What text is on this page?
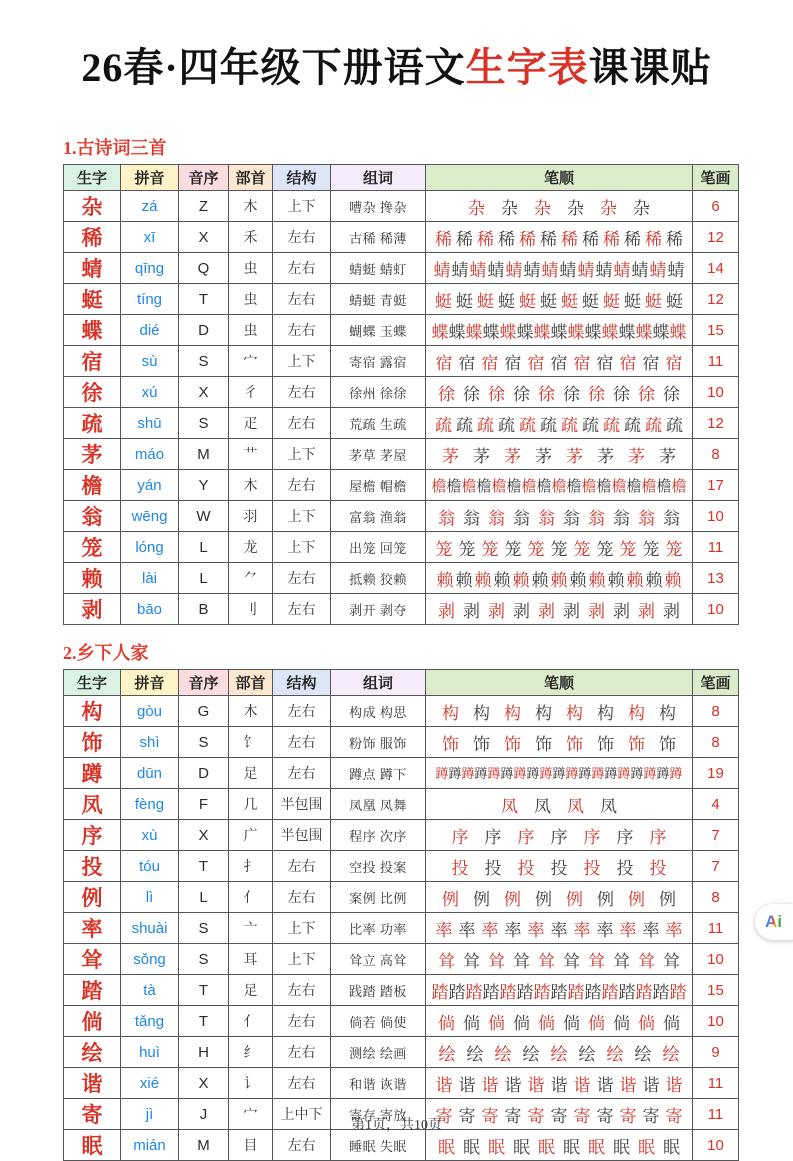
26春·四年级下册语文生字表课课贴
1.古诗词三首
生字	拼音	音序	部首	结构	组词	笔顺	笔画
杂	zá	Z	木	上下	嘈杂 搀杂	杂 杂 杂 杂 杂 杂	6
稀	xī	X	禾	左右	古稀 稀薄	稀 稀 稀 稀 稀 稀 稀 稀 稀 稀 稀 稀	12
蜻	qīng	Q	虫	左右	蜻蜓 蜻虰	蜻蜻蜻蜻蜻蜻蜻蜻蜻蜻蜻蜻蜻蜻	14
蜓	tíng	T	虫	左右	蜻蜓 青蜓	蜓 蜓 蜓 蜓 蜓 蜓 蜓 蜓 蜓 蜓 蜓 蜓	12
蝶	dié	D	虫	左右	蝴蝶 玉蝶	蝶蝶蝶蝶蝶蝶蝶蝶蝶蝶蝶蝶蝶蝶蝶	15
宿	sù	S	宀	上下	寄宿 露宿	宿 宿 宿 宿 宿 宿 宿 宿 宿 宿 宿	11
徐	xú	X	彳	左右	徐州 徐徐	徐 徐 徐 徐 徐 徐 徐 徐 徐 徐	10
疏	shū	S	疋	左右	荒疏 生疏	疏 疏 疏 疏 疏 疏 疏 疏 疏 疏 疏 疏	12
茅	máo	M	艹	上下	茅草 茅屋	茅 茅 茅 茅 茅 茅 茅 茅	8
檐	yán	Y	木	左右	屋檐 帽檐	檐檐檐檐檐檐檐檐檐檐檐檐檐檐檐檐檐	17
翁	wēng	W	羽	上下	富翁 渔翁	翁 翁 翁 翁 翁 翁 翁 翁 翁 翁	10
笼	lóng	L	龙	上下	出笼 回笼	笼 笼 笼 笼 笼 笼 笼 笼 笼 笼 笼	11
赖	lài	L	⺈	左右	抵赖 狡赖	赖 赖 赖 赖 赖 赖 赖 赖 赖 赖 赖 赖 赖	13
剥	bāo	B	刂	左右	剥开 剥夺	剥 剥 剥 剥 剥 剥 剥 剥 剥 剥	10
2.乡下人家
生字	拼音	音序	部首	结构	组词	笔顺	笔画
构	gòu	G	木	左右	构成 构思	构 构 构 构 构 构 构 构	8
饰	shì	S	饣	左右	粉饰 服饰	饰 饰 饰 饰 饰 饰 饰 饰	8
蹲	dūn	D	足	左右	蹲点 蹲下	蹲蹲蹲蹲蹲蹲蹲蹲蹲蹲蹲蹲蹲蹲蹲蹲蹲蹲蹲	19
凤	fèng	F	几	半包围	凤凰 凤舞	凤 凤 凤 凤	4
序	xù	X	广	半包围	程序 次序	序 序 序 序 序 序 序	7
投	tóu	T	扌	左右	空投 投案	投 投 投 投 投 投 投	7
例	lì	L	亻	左右	案例 比例	例 例 例 例 例 例 例 例	8
率	shuài	S	亠	上下	比率 功率	率 率 率 率 率 率 率 率 率 率 率	11
耸	sǒng	S	耳	上下	耸立 高耸	耸 耸 耸 耸 耸 耸 耸 耸 耸 耸	10
踏	tà	T	足	左右	践踏 踏板	踏踏踏踏踏踏踏踏踏踏踏踏踏踏踏	15
倘	tǎng	T	亻	左右	倘若 倘使	倘 倘 倘 倘 倘 倘 倘 倘 倘 倘	10
绘	huì	H	纟	左右	测绘 绘画	绘 绘 绘 绘 绘 绘 绘 绘 绘	9
谐	xié	X	讠	左右	和谐 诙谐	谐 谐 谐 谐 谐 谐 谐 谐 谐 谐 谐	11
寄	jì	J	宀	上中下	寄存 寄放	寄 寄 寄 寄 寄 寄 寄 寄 寄 寄 寄	11
眠	mián	M	目	左右	睡眠 失眠	眠 眠 眠 眠 眠 眠 眠 眠 眠 眠	10
Ai
第1页，共10页
